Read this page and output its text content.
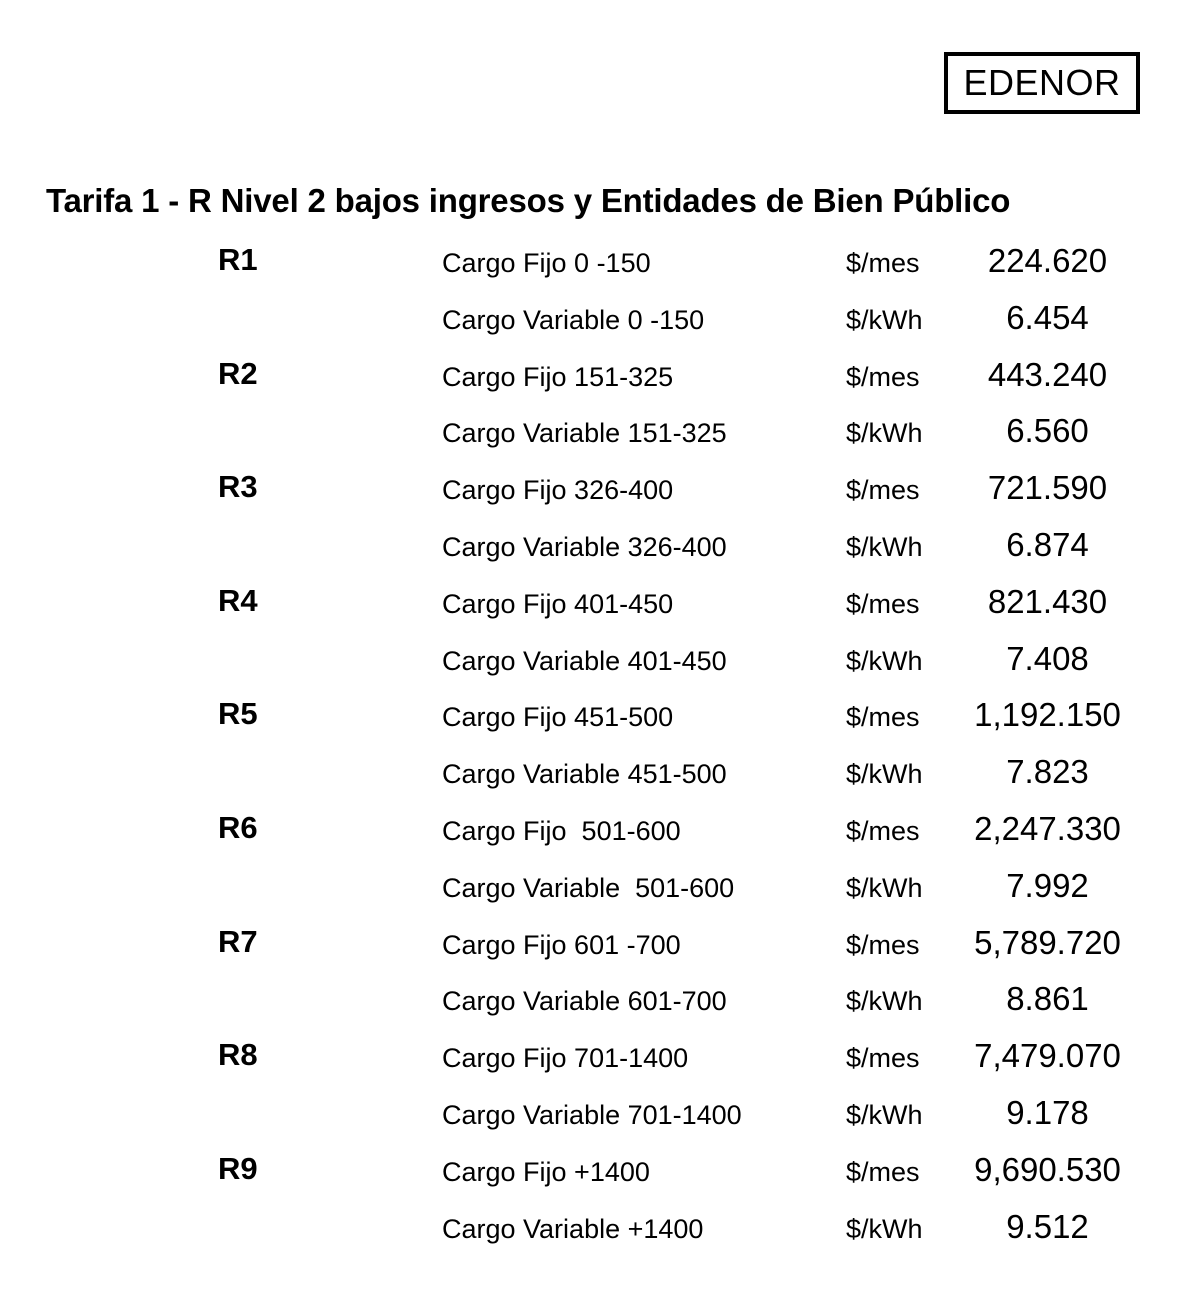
EDENOR
Tarifa 1 - R Nivel 2 bajos ingresos y Entidades de Bien Público
R1	Cargo Fijo 0 -150	$/mes	224.620
Cargo Variable 0 -150	$/kWh	6.454
R2	Cargo Fijo 151-325	$/mes	443.240
Cargo Variable 151-325	$/kWh	6.560
R3	Cargo Fijo 326-400	$/mes	721.590
Cargo Variable 326-400	$/kWh	6.874
R4	Cargo Fijo 401-450	$/mes	821.430
Cargo Variable 401-450	$/kWh	7.408
R5	Cargo Fijo 451-500	$/mes	1,192.150
Cargo Variable 451-500	$/kWh	7.823
R6	Cargo Fijo  501-600	$/mes	2,247.330
Cargo Variable  501-600	$/kWh	7.992
R7	Cargo Fijo 601 -700	$/mes	5,789.720
Cargo Variable 601-700	$/kWh	8.861
R8	Cargo Fijo 701-1400	$/mes	7,479.070
Cargo Variable 701-1400	$/kWh	9.178
R9	Cargo Fijo +1400	$/mes	9,690.530
Cargo Variable +1400	$/kWh	9.512
